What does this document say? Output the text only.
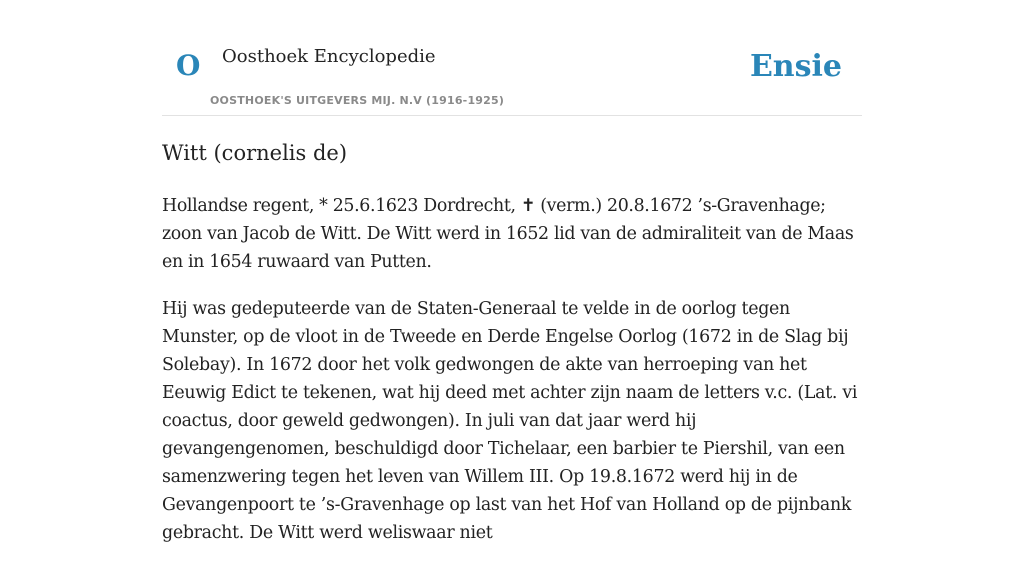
O Oosthoek Encyclopedie
OOSTHOEK'S UITGEVERS MIJ. N.V (1916-1925)
Ensie
Witt (cornelis de)

Hollandse regent, * 25.6.1623 Dordrecht, ✝ (verm.) 20.8.1672 ’s-Gravenhage; zoon van Jacob de Witt. De Witt werd in 1652 lid van de admiraliteit van de Maas en in 1654 ruwaard van Putten.

Hij was gedeputeerde van de Staten-Generaal te velde in de oorlog tegen Munster, op de vloot in de Tweede en Derde Engelse Oorlog (1672 in de Slag bij Solebay). In 1672 door het volk gedwongen de akte van herroeping van het Eeuwig Edict te tekenen, wat hij deed met achter zijn naam de letters v.c. (Lat. vi coactus, door geweld gedwongen). In juli van dat jaar werd hij gevangengenomen, beschuldigd door Tichelaar, een barbier te Piershil, van een samenzwering tegen het leven van Willem III. Op 19.8.1672 werd hij in de Gevangenpoort te ’s-Gravenhage op last van het Hof van Holland op de pijnbank gebracht. De Witt werd weliswaar niet
